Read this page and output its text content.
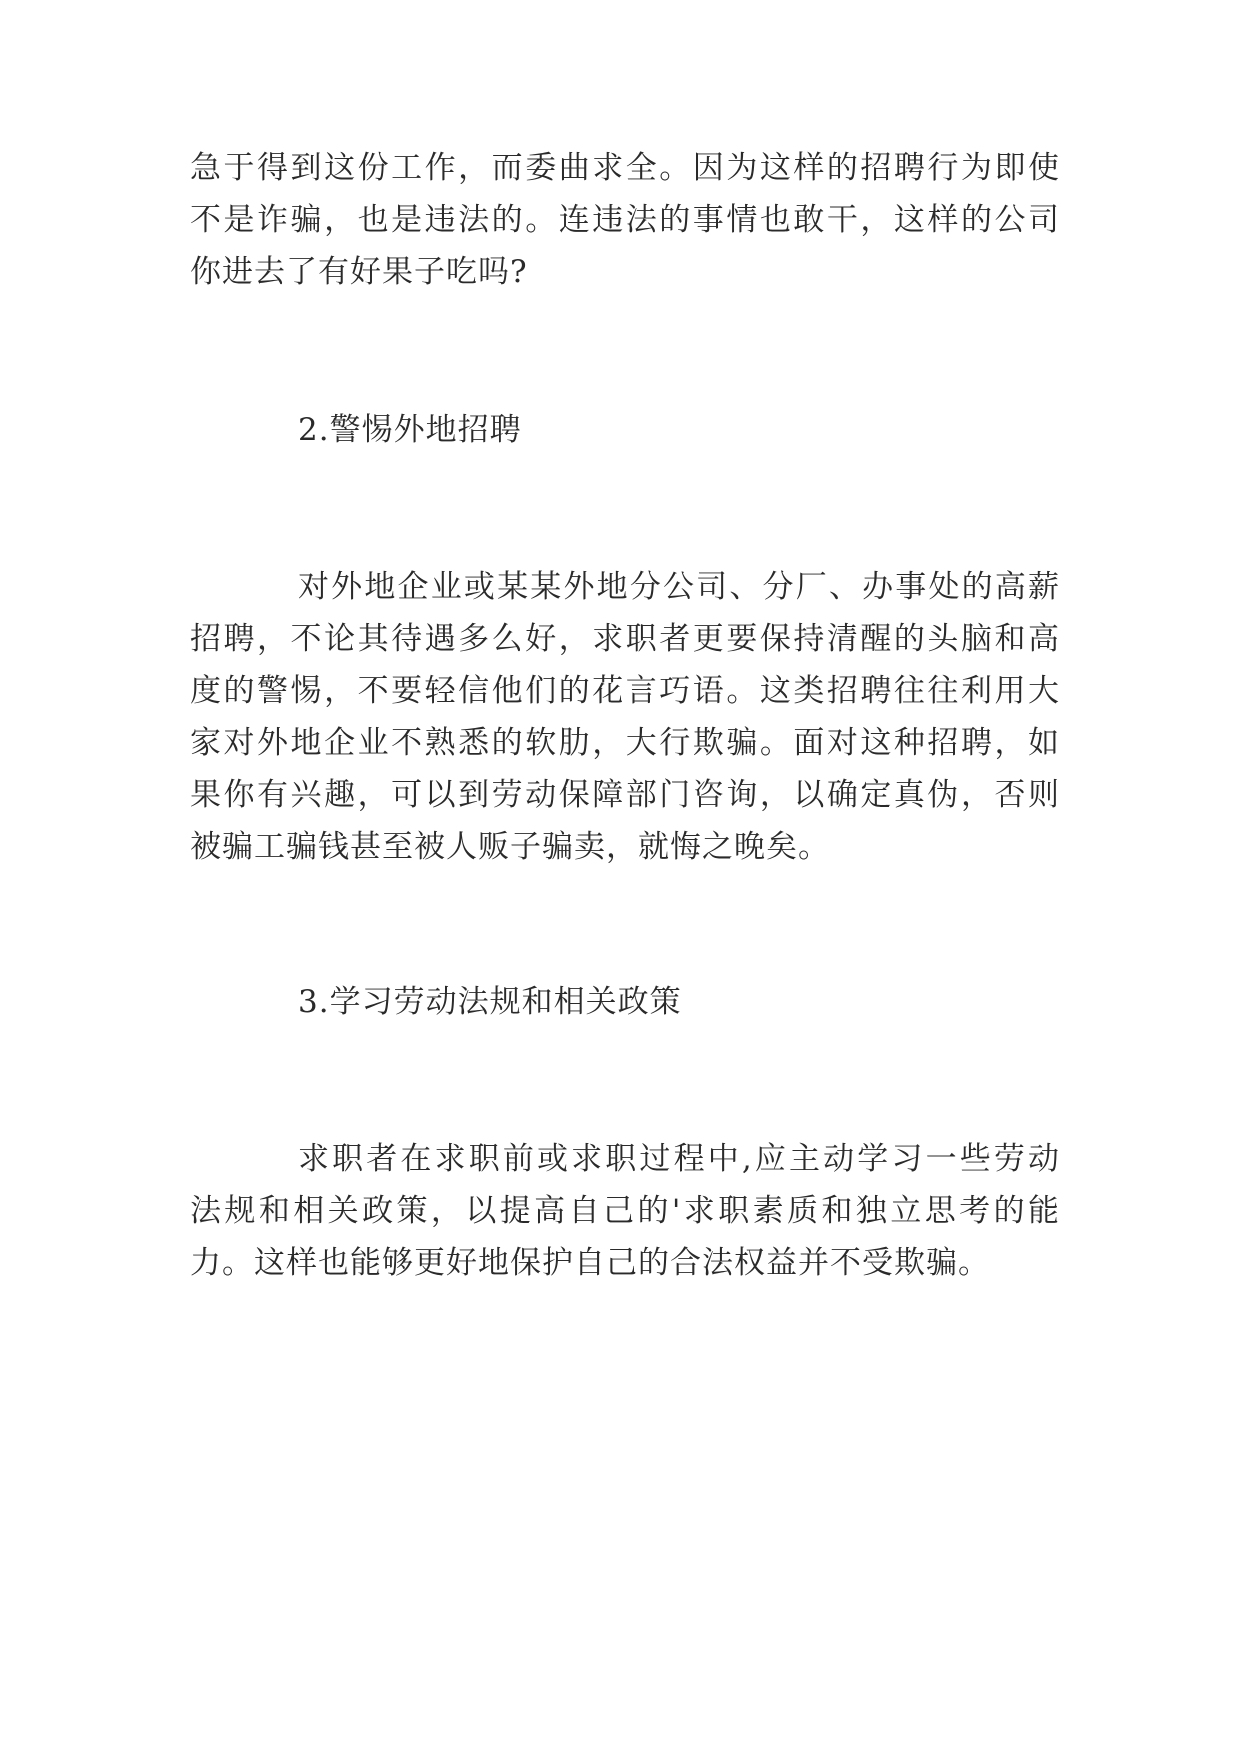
急于得到这份工作，而委曲求全。因为这样的招聘行为即使
不是诈骗，也是违法的。连违法的事情也敢干，这样的公司
你进去了有好果子吃吗?
2.警惕外地招聘
对外地企业或某某外地分公司、分厂、办事处的高薪
招聘，不论其待遇多么好，求职者更要保持清醒的头脑和高
度的警惕，不要轻信他们的花言巧语。这类招聘往往利用大
家对外地企业不熟悉的软肋，大行欺骗。面对这种招聘，如
果你有兴趣，可以到劳动保障部门咨询，以确定真伪，否则
被骗工骗钱甚至被人贩子骗卖，就悔之晚矣。
3.学习劳动法规和相关政策
求职者在求职前或求职过程中,应主动学习一些劳动
法规和相关政策，以提高自己的'求职素质和独立思考的能
力。这样也能够更好地保护自己的合法权益并不受欺骗。
